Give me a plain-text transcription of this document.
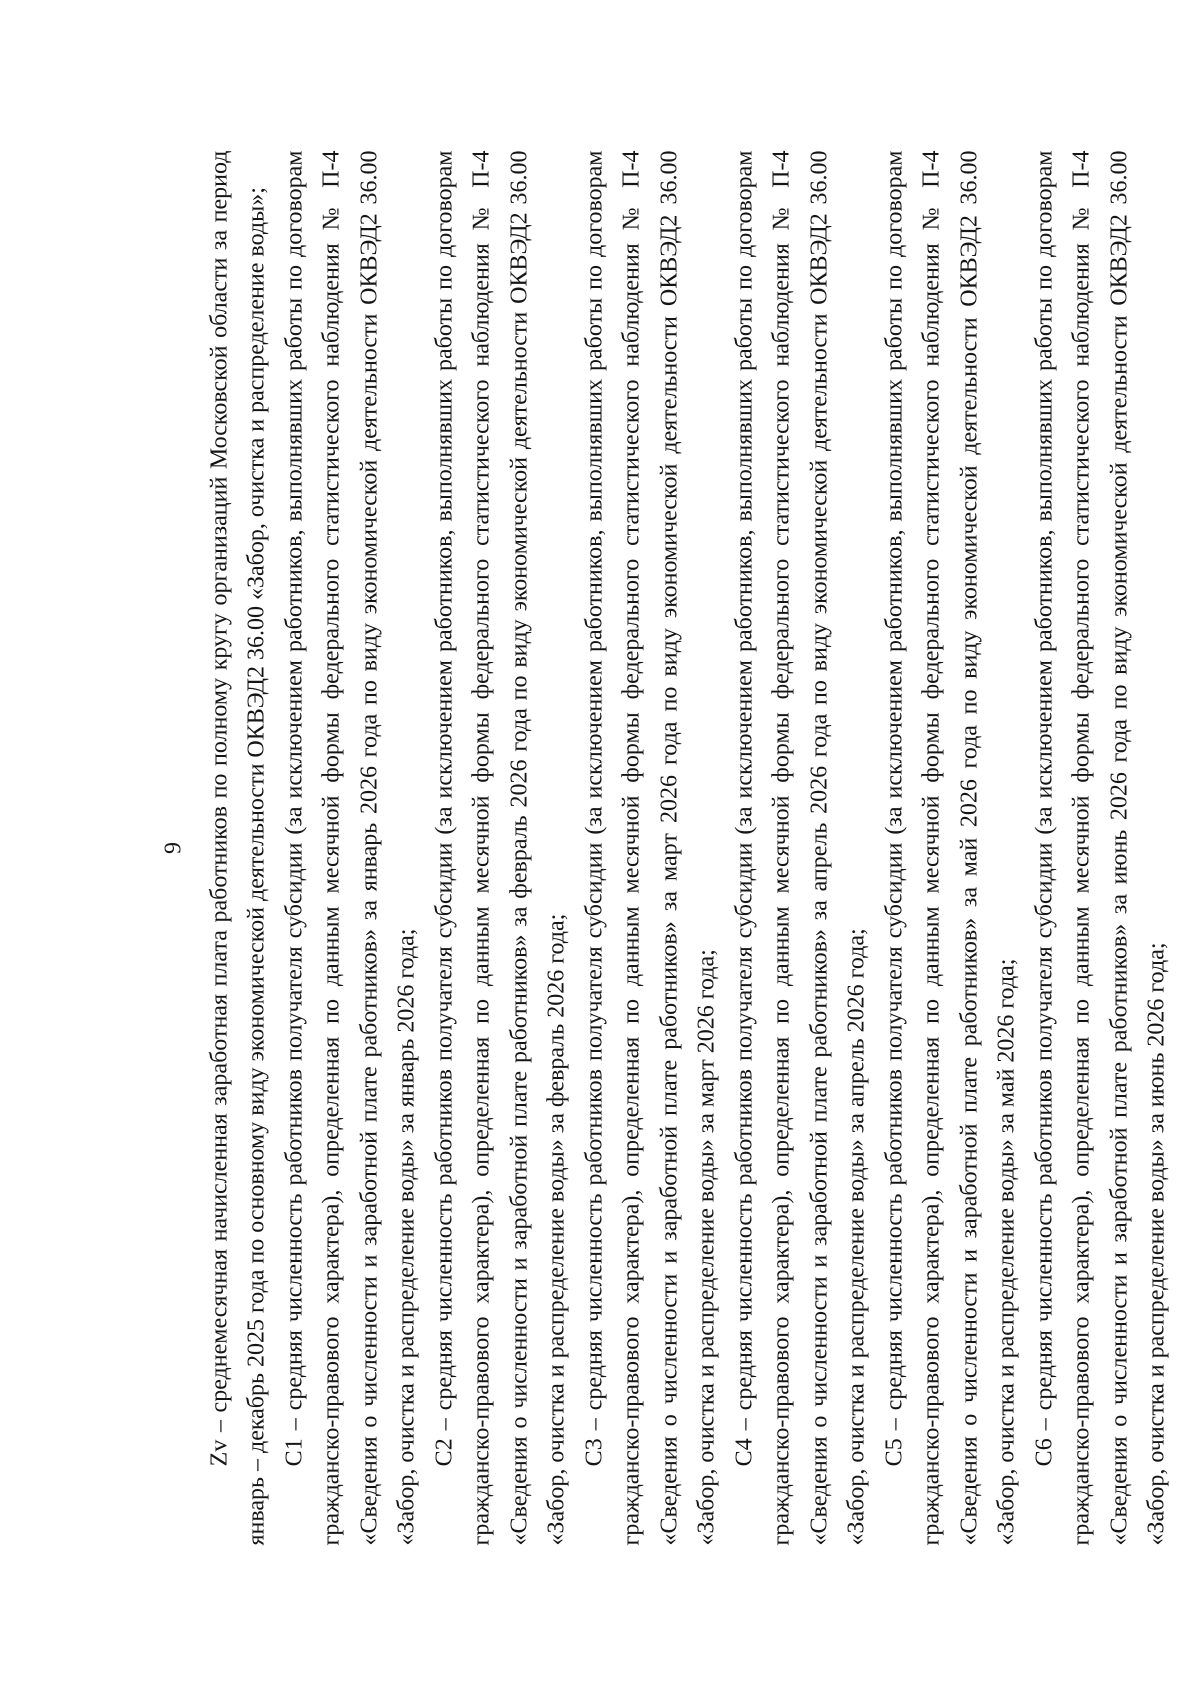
9

Zv – среднемесячная начисленная заработная плата работников по полному кругу организаций Московской области за период январь – декабрь 2025 года по основному виду экономической деятельности ОКВЭД2 36.00 «Забор, очистка и распределение воды»; С1 – средняя численность работников получателя субсидии (за исключением работников, выполнявших работы по договорам гражданско-правового характера), определенная по данным месячной формы федерального статистического наблюдения № П-4 «Сведения о численности и заработной плате работников» за январь 2026 года по виду экономической деятельности ОКВЭД2 36.00 «Забор, очистка и распределение воды» за январь 2026 года; С2 – средняя численность работников получателя субсидии (за исключением работников, выполнявших работы по договорам гражданско-правового характера), определенная по данным месячной формы федерального статистического наблюдения № П-4 «Сведения о численности и заработной плате работников» за февраль 2026 года по виду экономической деятельности ОКВЭД2 36.00 «Забор, очистка и распределение воды» за февраль 2026 года; С3 – средняя численность работников получателя субсидии (за исключением работников, выполнявших работы по договорам гражданско-правового характера), определенная по данным месячной формы федерального статистического наблюдения № П-4 «Сведения о численности и заработной плате работников» за март 2026 года по виду экономической деятельности ОКВЭД2 36.00 «Забор, очистка и распределение воды» за март 2026 года; С4 – средняя численность работников получателя субсидии (за исключением работников, выполнявших работы по договорам гражданско-правового характера), определенная по данным месячной формы федерального статистического наблюдения № П-4 «Сведения о численности и заработной плате работников» за апрель 2026 года по виду экономической деятельности ОКВЭД2 36.00 «Забор, очистка и распределение воды» за апрель 2026 года; С5 – средняя численность работников получателя субсидии (за исключением работников, выполнявших работы по договорам гражданско-правового характера), определенная по данным месячной формы федерального статистического наблюдения № П-4 «Сведения о численности и заработной плате работников» за май 2026 года по виду экономической деятельности ОКВЭД2 36.00 «Забор, очистка и распределение воды» за май 2026 года; С6 – средняя численность работников получателя субсидии (за исключением работников, выполнявших работы по договорам гражданско-правового характера), определенная по данным месячной формы федерального статистического наблюдения № П-4 «Сведения о численности и заработной плате работников» за июнь 2026 года по виду экономической деятельности ОКВЭД2 36.00 «Забор, очистка и распределение воды» за июнь 2026 года;
